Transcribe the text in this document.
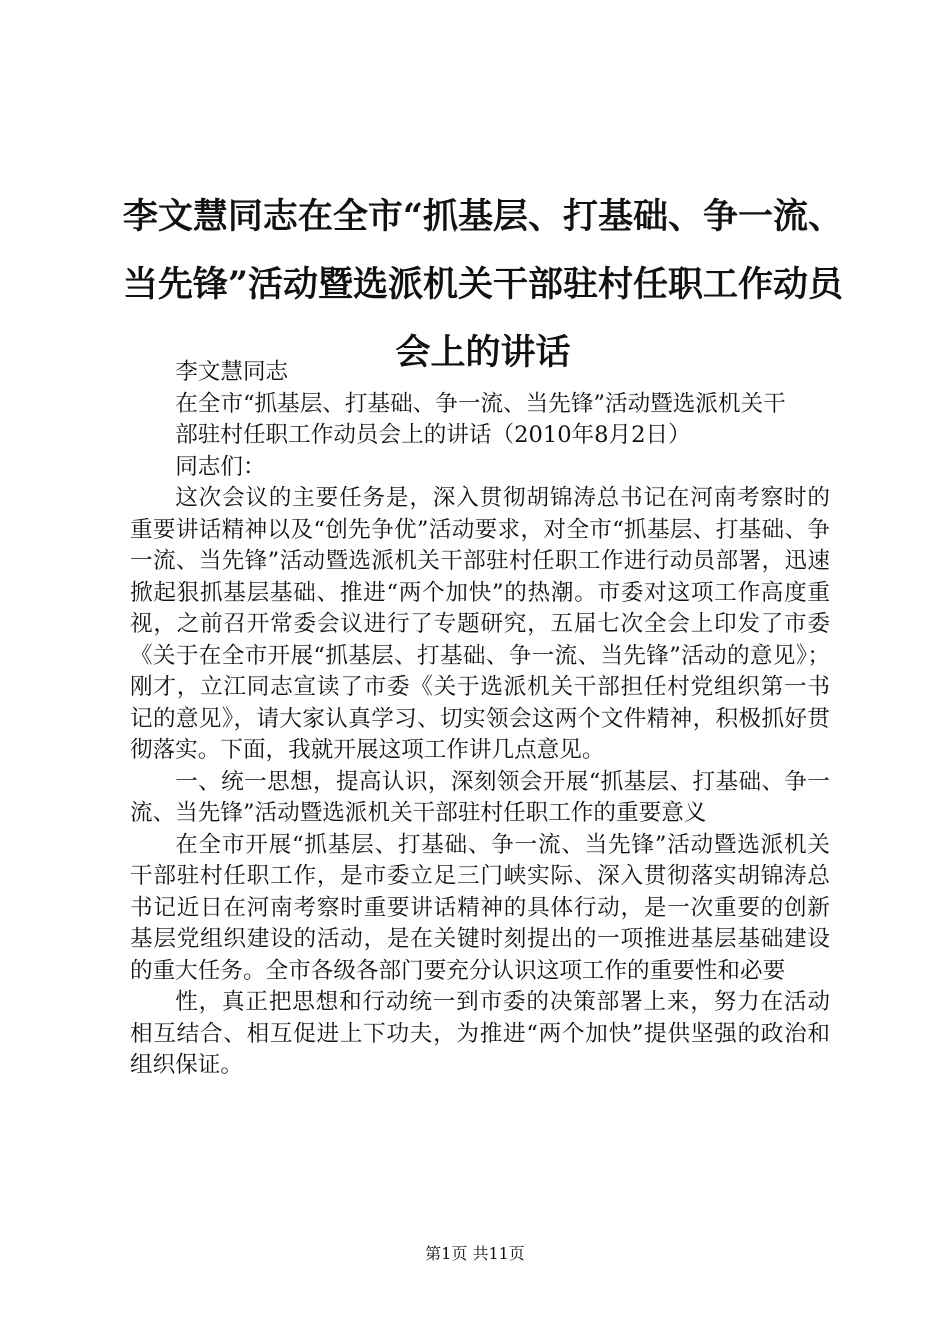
李文慧同志在全市“抓基层、打基础、争一流、当先锋”活动暨选派机关干部驻村任职工作动员会上的讲话

李文慧同志

在全市“抓基层、打基础、争一流、当先锋”活动暨选派机关干

部驻村任职工作动员会上的讲话（2010年8月2日）

同志们：

这次会议的主要任务是，深入贯彻胡锦涛总书记在河南考察时的重要讲话精神以及“创先争优”活动要求，对全市“抓基层、打基础、争一流、当先锋”活动暨选派机关干部驻村任职工作进行动员部署，迅速掀起狠抓基层基础、推进“两个加快”的热潮。市委对这项工作高度重视，之前召开常委会议进行了专题研究，五届七次全会上印发了市委《关于在全市开展“抓基层、打基础、争一流、当先锋”活动的意见》；刚才，立江同志宣读了市委《关于选派机关干部担任村党组织第一书记的意见》，请大家认真学习、切实领会这两个文件精神，积极抓好贯彻落实。下面，我就开展这项工作讲几点意见。

一、统一思想，提高认识，深刻领会开展“抓基层、打基础、争一流、当先锋”活动暨选派机关干部驻村任职工作的重要意义

在全市开展“抓基层、打基础、争一流、当先锋”活动暨选派机关干部驻村任职工作，是市委立足三门峡实际、深入贯彻落实胡锦涛总书记近日在河南考察时重要讲话精神的具体行动，是一次重要的创新基层党组织建设的活动，是在关键时刻提出的一项推进基层基础建设的重大任务。全市各级各部门要充分认识这项工作的重要性和必要

性，真正把思想和行动统一到市委的决策部署上来，努力在活动相互结合、相互促进上下功夫，为推进“两个加快”提供坚强的政治和组织保证。

第1页 共11页
